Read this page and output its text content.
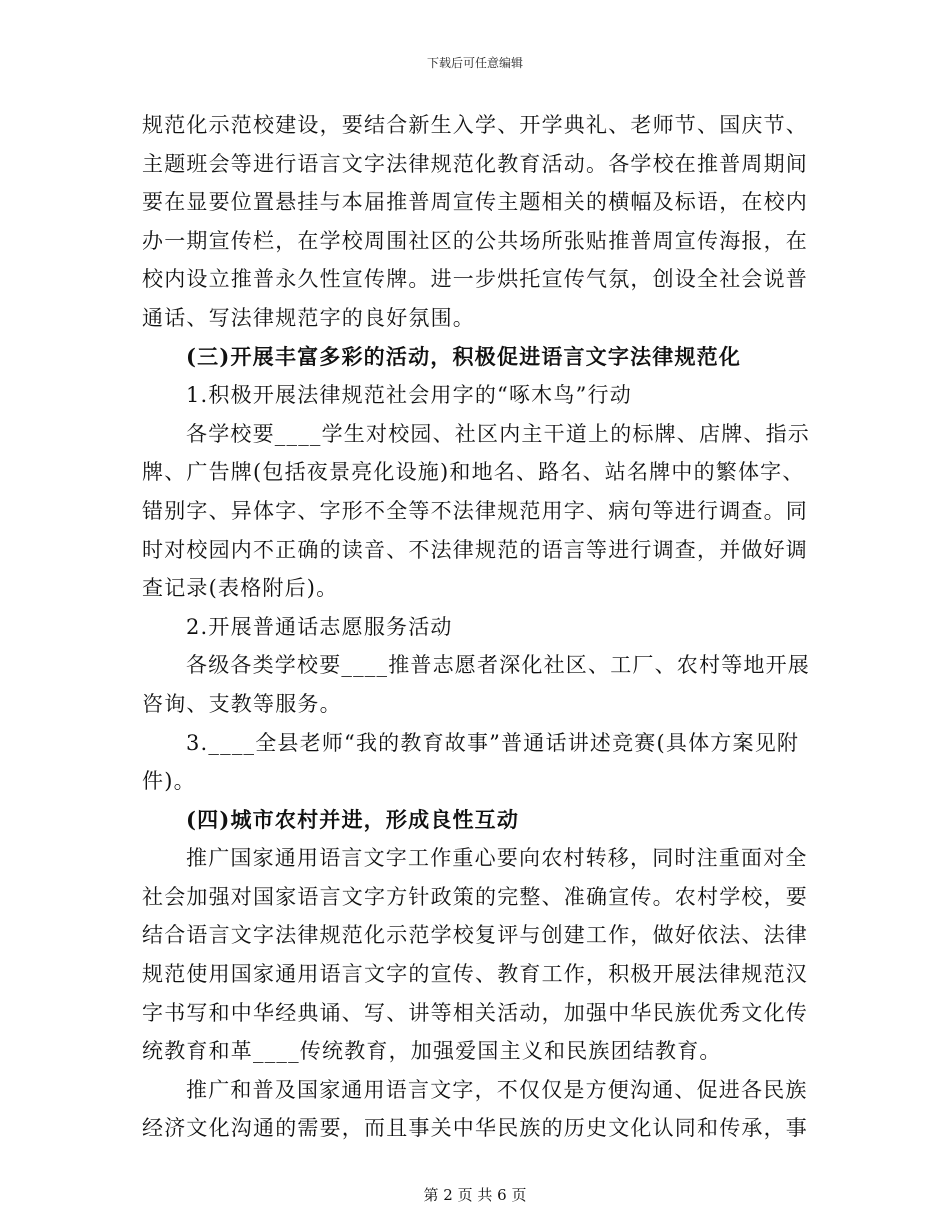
下载后可任意编辑
规范化示范校建设，要结合新生入学、开学典礼、老师节、国庆节、
主题班会等进行语言文字法律规范化教育活动。各学校在推普周期间
要在显要位置悬挂与本届推普周宣传主题相关的横幅及标语，在校内
办一期宣传栏，在学校周围社区的公共场所张贴推普周宣传海报，在
校内设立推普永久性宣传牌。进一步烘托宣传气氛，创设全社会说普
通话、写法律规范字的良好氛围。
(三)开展丰富多彩的活动，积极促进语言文字法律规范化
1.积极开展法律规范社会用字的“啄木鸟”行动
各学校要____学生对校园、社区内主干道上的标牌、店牌、指示
牌、广告牌(包括夜景亮化设施)和地名、路名、站名牌中的繁体字、
错别字、异体字、字形不全等不法律规范用字、病句等进行调查。同
时对校园内不正确的读音、不法律规范的语言等进行调查，并做好调
查记录(表格附后)。
2.开展普通话志愿服务活动
各级各类学校要____推普志愿者深化社区、工厂、农村等地开展
咨询、支教等服务。
3.____全县老师“我的教育故事”普通话讲述竞赛(具体方案见附
件)。
(四)城市农村并进，形成良性互动
推广国家通用语言文字工作重心要向农村转移，同时注重面对全
社会加强对国家语言文字方针政策的完整、准确宣传。农村学校，要
结合语言文字法律规范化示范学校复评与创建工作，做好依法、法律
规范使用国家通用语言文字的宣传、教育工作，积极开展法律规范汉
字书写和中华经典诵、写、讲等相关活动，加强中华民族优秀文化传
统教育和革____传统教育，加强爱国主义和民族团结教育。
推广和普及国家通用语言文字，不仅仅是方便沟通、促进各民族
经济文化沟通的需要，而且事关中华民族的历史文化认同和传承，事
第 2 页 共 6 页
